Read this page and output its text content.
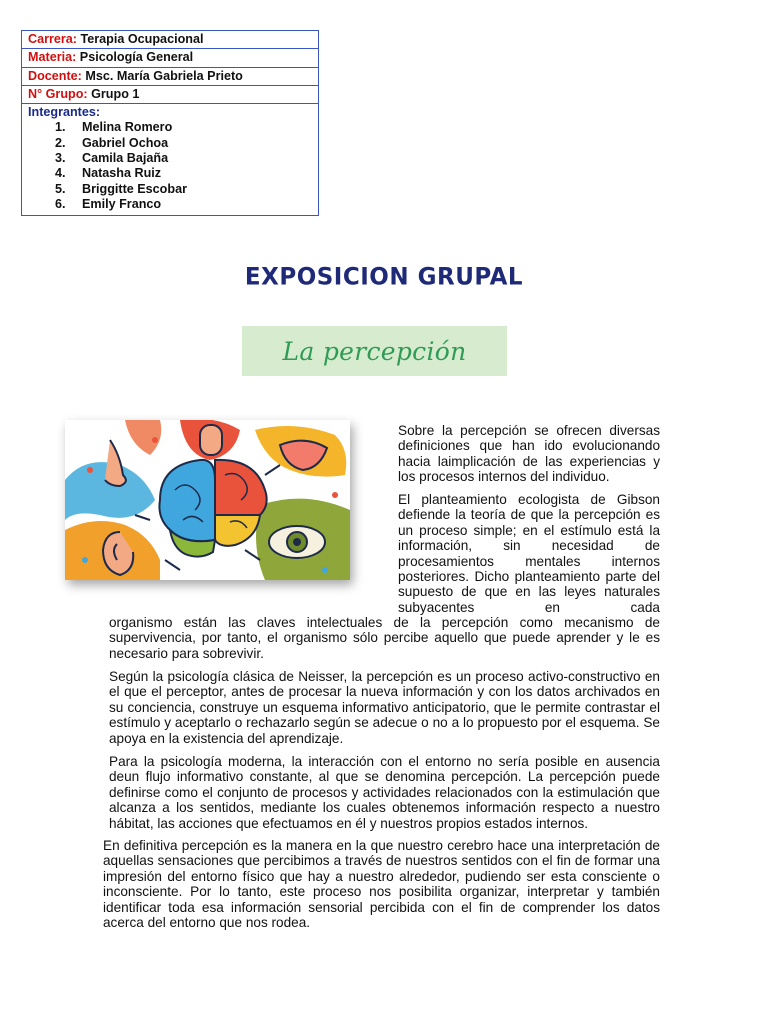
Carrera: Terapia Ocupacional
Materia: Psicología General
Docente: Msc. María Gabriela Prieto
N° Grupo: Grupo 1
Integrantes:
1. Melina Romero
2. Gabriel Ochoa
3. Camila Bajaña
4. Natasha Ruiz
5. Briggitte Escobar
6. Emily Franco
EXPOSICION GRUPAL
La percepción

Sobre la percepción se ofrecen diversas definiciones que han ido evolucionando hacia laimplicación de las experiencias y los procesos internos del individuo.

El planteamiento ecologista de Gibson defiende la teoría de que la percepción es un proceso simple; en el estímulo está la información, sin necesidad de procesamientos mentales internos posteriores. Dicho planteamiento parte del supuesto de que en las leyes naturales subyacentes en cada

organismo están las claves intelectuales de la percepción como mecanismo de supervivencia, por tanto, el organismo sólo percibe aquello que puede aprender y le es necesario para sobrevivir.

Según la psicología clásica de Neisser, la percepción es un proceso activo-constructivo en el que el perceptor, antes de procesar la nueva información y con los datos archivados en su conciencia, construye un esquema informativo anticipatorio, que le permite contrastar el estímulo y aceptarlo o rechazarlo según se adecue o no a lo propuesto por el esquema. Se apoya en la existencia del aprendizaje.

Para la psicología moderna, la interacción con el entorno no sería posible en ausencia deun flujo informativo constante, al que se denomina percepción. La percepción puede definirse como el conjunto de procesos y actividades relacionados con la estimulación que alcanza a los sentidos, mediante los cuales obtenemos información respecto a nuestro hábitat, las acciones que efectuamos en él y nuestros propios estados internos.

En definitiva percepción es la manera en la que nuestro cerebro hace una interpretación de aquellas sensaciones que percibimos a través de nuestros sentidos con el fin de formar una impresión del entorno físico que hay a nuestro alrededor, pudiendo ser esta consciente o inconsciente. Por lo tanto, este proceso nos posibilita organizar, interpretar y también identificar toda esa información sensorial percibida con el fin de comprender los datos acerca del entorno que nos rodea.
